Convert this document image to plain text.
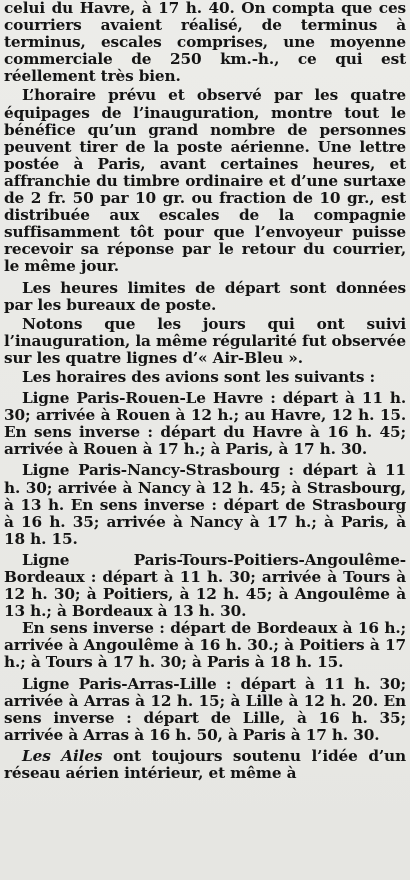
celui du Havre, à 17 h. 40. On compta que ces courriers avaient réalisé, de terminus à terminus, escales comprises, une moyenne commerciale de 250 km.-h., ce qui est réellement très bien.

L’horaire prévu et observé par les quatre équipages de l’inauguration, montre tout le bénéfice qu’un grand nombre de personnes peuvent tirer de la poste aérienne. Une lettre postée à Paris, avant certaines heures, et affranchie du timbre ordinaire et d’une surtaxe de 2 fr. 50 par 10 gr. ou fraction de 10 gr., est distribuée aux escales de la compagnie suffisamment tôt pour que l’envoyeur puisse recevoir sa réponse par le retour du courrier, le même jour.

Les heures limites de départ sont données par les bureaux de poste.

Notons que les jours qui ont suivi l’inauguration, la même régularité fut observée sur les quatre lignes d’« Air-Bleu ».

Les horaires des avions sont les suivants :

Ligne Paris-Rouen-Le Havre : départ à 11 h. 30; arrivée à Rouen à 12 h.; au Havre, 12 h. 15. En sens inverse : départ du Havre à 16 h. 45; arrivée à Rouen à 17 h.; à Paris, à 17 h. 30.

Ligne Paris-Nancy-Strasbourg : départ à 11 h. 30; arrivée à Nancy à 12 h. 45; à Strasbourg, à 13 h. En sens inverse : départ de Strasbourg à 16 h. 35; arrivée à Nancy à 17 h.; à Paris, à 18 h. 15.

Ligne Paris-Tours-Poitiers-Angoulême-Bordeaux : départ à 11 h. 30; arrivée à Tours à 12 h. 30; à Poitiers, à 12 h. 45; à Angoulême à 13 h.; à Bordeaux à 13 h. 30.

En sens inverse : départ de Bordeaux à 16 h.; arrivée à Angoulême à 16 h. 30.; à Poitiers à 17 h.; à Tours à 17 h. 30; à Paris à 18 h. 15.

Ligne Paris-Arras-Lille : départ à 11 h. 30; arrivée à Arras à 12 h. 15; à Lille à 12 h. 20. En sens inverse : départ de Lille, à 16 h. 35; arrivée à Arras à 16 h. 50, à Paris à 17 h. 30.

Les Ailes ont toujours soutenu l’idée d’un réseau aérien intérieur, et même à
